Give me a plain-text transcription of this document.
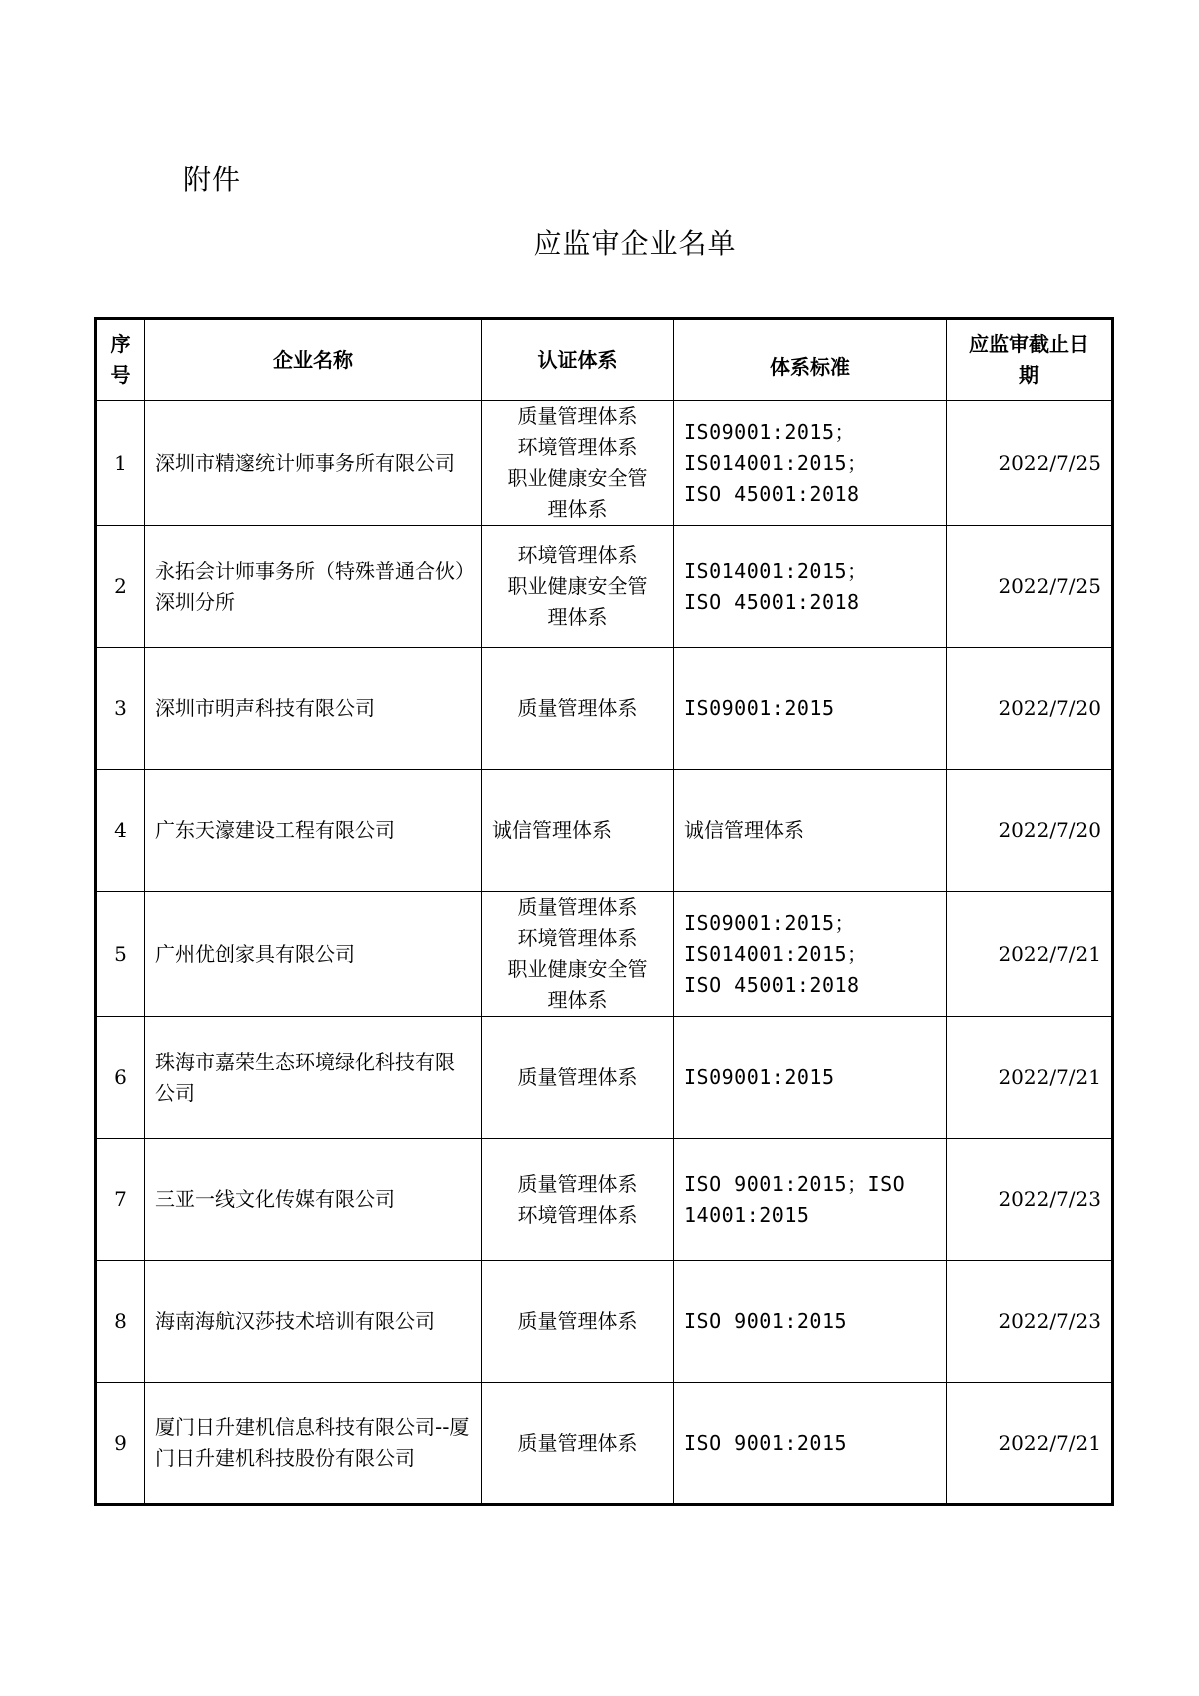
附件
应监审企业名单
序
号	企业名称	认证体系	体系标准	应监审截止日
期

1	深圳市精邃统计师事务所有限公司	质量管理体系
环境管理体系
职业健康安全管
理体系	IS09001:2015；
IS014001:2015；
ISO 45001:2018	2022/7/25
2	永拓会计师事务所（特殊普通合伙）深圳分所	环境管理体系
职业健康安全管
理体系	IS014001:2015；
ISO 45001:2018	2022/7/25
3	深圳市明声科技有限公司	质量管理体系	IS09001:2015	2022/7/20
4	广东天濠建设工程有限公司	诚信管理体系	诚信管理体系	2022/7/20
5	广州优创家具有限公司	质量管理体系
环境管理体系
职业健康安全管
理体系	IS09001:2015；
IS014001:2015；
ISO 45001:2018	2022/7/21
6	珠海市嘉荣生态环境绿化科技有限公司	质量管理体系	IS09001:2015	2022/7/21
7	三亚一线文化传媒有限公司	质量管理体系
环境管理体系	ISO 9001:2015；ISO
14001:2015	2022/7/23
8	海南海航汉莎技术培训有限公司	质量管理体系	ISO 9001:2015	2022/7/23
9	厦门日升建机信息科技有限公司--厦门日升建机科技股份有限公司	质量管理体系	ISO 9001:2015	2022/7/21
